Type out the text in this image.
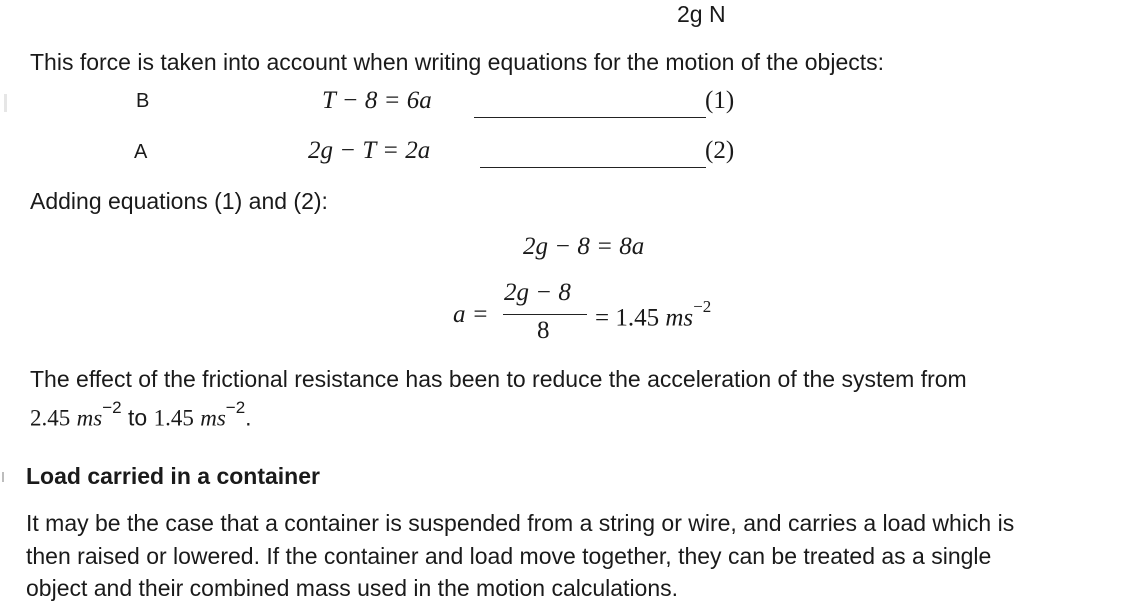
2g N
This force is taken into account when writing equations for the motion of the objects:
B	T − 8 = 6a	(1)
A	2g − T = 2a	(2)
Adding equations (1) and (2):
2g − 8 = 8a
a =
2g − 8
8 = 1.45 $ms^{-2}$
The effect of the frictional resistance has been to reduce the acceleration of the system from
2.45 $ms^{-2}$ to 1.45 $ms^{-2}$.
Load carried in a container
It may be the case that a container is suspended from a string or wire, and carries a load which is
then raised or lowered. If the container and load move together, they can be treated as a single
object and their combined mass used in the motion calculations.
